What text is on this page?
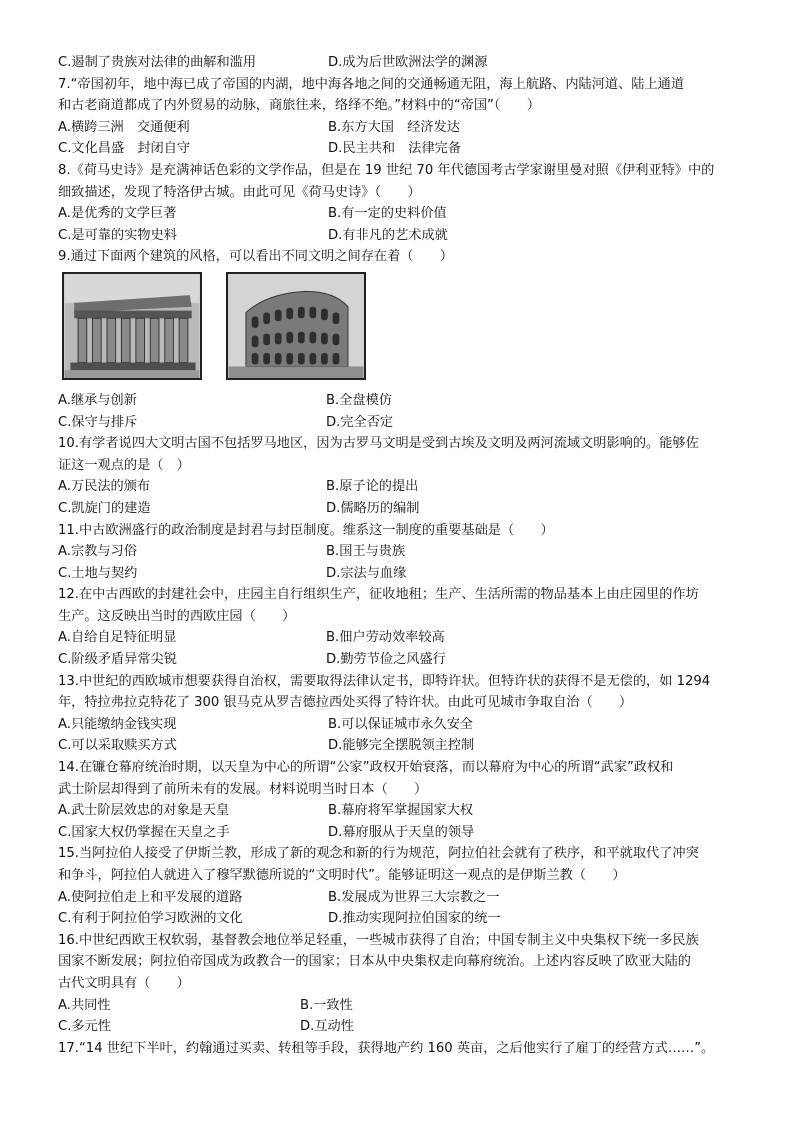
C.遏制了贵族对法律的曲解和滥用	D.成为后世欧洲法学的渊源
7.“帝国初年，地中海已成了帝国的内湖，地中海各地之间的交通畅通无阻，海上航路、内陆河道、陆上通道
和古老商道都成了内外贸易的动脉，商旅往来，络绎不绝。”材料中的“帝国”（　　）
A.横跨三洲　交通便利	B.东方大国　经济发达
C.文化昌盛　封闭自守	D.民主共和　法律完备
8.《荷马史诗》是充满神话色彩的文学作品，但是在 19 世纪 70 年代德国考古学家谢里曼对照《伊利亚特》中的
细致描述，发现了特洛伊古城。由此可见《荷马史诗》（　　）
A.是优秀的文学巨著	B.有一定的史料价值
C.是可靠的实物史料	D.有非凡的艺术成就
9.通过下面两个建筑的风格，可以看出不同文明之间存在着（　　）
A.继承与创新	B.全盘模仿
C.保守与排斥	D.完全否定
10.有学者说四大文明古国不包括罗马地区，因为古罗马文明是受到古埃及文明及两河流域文明影响的。能够佐
证这一观点的是（　）
A.万民法的颁布	B.原子论的提出
C.凯旋门的建造	D.儒略历的编制
11.中古欧洲盛行的政治制度是封君与封臣制度。维系这一制度的重要基础是（　　）
A.宗教与习俗	B.国王与贵族
C.土地与契约	D.宗法与血缘
12.在中古西欧的封建社会中，庄园主自行组织生产，征收地租；生产、生活所需的物品基本上由庄园里的作坊
生产。这反映出当时的西欧庄园（　　）
A.自给自足特征明显	B.佃户劳动效率较高
C.阶级矛盾异常尖锐	D.勤劳节俭之风盛行
13.中世纪的西欧城市想要获得自治权，需要取得法律认定书，即特许状。但特许状的获得不是无偿的，如 1294
年，特拉弗拉克特花了 300 银马克从罗吉德拉西处买得了特许状。由此可见城市争取自治（　　）
A.只能缴纳金钱实现	B.可以保证城市永久安全
C.可以采取赎买方式	D.能够完全摆脱领主控制
14.在镰仓幕府统治时期，以天皇为中心的所谓“公家”政权开始衰落，而以幕府为中心的所谓“武家”政权和
武士阶层却得到了前所未有的发展。材料说明当时日本（　　）
A.武士阶层效忠的对象是天皇	B.幕府将军掌握国家大权
C.国家大权仍掌握在天皇之手	D.幕府服从于天皇的领导
15.当阿拉伯人接受了伊斯兰教，形成了新的观念和新的行为规范，阿拉伯社会就有了秩序，和平就取代了冲突
和争斗，阿拉伯人就进入了穆罕默德所说的“文明时代”。能够证明这一观点的是伊斯兰教（　　）
A.使阿拉伯走上和平发展的道路	B.发展成为世界三大宗教之一
C.有利于阿拉伯学习欧洲的文化	D.推动实现阿拉伯国家的统一
16.中世纪西欧王权软弱，基督教会地位举足轻重，一些城市获得了自治；中国专制主义中央集权下统一多民族
国家不断发展；阿拉伯帝国成为政教合一的国家；日本从中央集权走向幕府统治。上述内容反映了欧亚大陆的
古代文明具有（　　）
A.共同性	B.一致性
C.多元性	D.互动性
17.“14 世纪下半叶，约翰通过买卖、转租等手段，获得地产约 160 英亩，之后他实行了雇丁的经营方式……”。
